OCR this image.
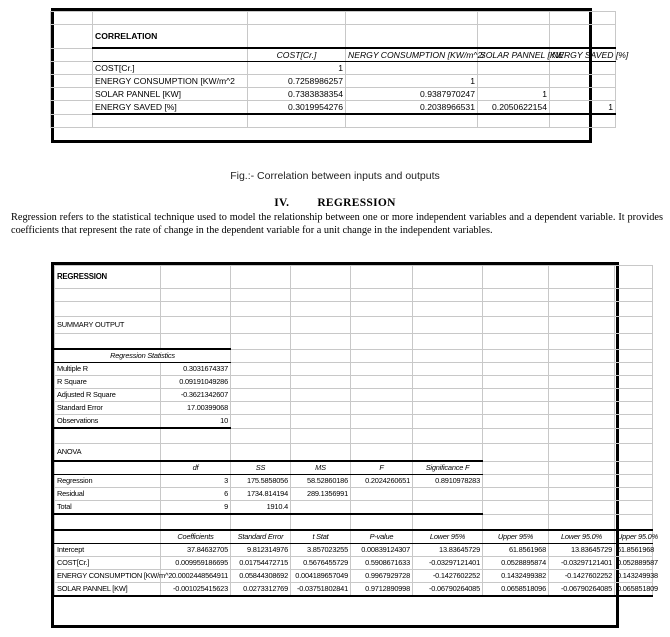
	CORRELATION				
		COST[Cr.]	NERGY CONSUMPTION [KW/m^2/	SOLAR PANNEL [KW	NERGY SAVED [%]
	COST[Cr.]	1			
	ENERGY CONSUMPTION [KW/m^2	0.7258986257	1		
	SOLAR PANNEL [KW]	0.7383838354	0.9387970247	1	
	ENERGY SAVED [%]	0.3019954276	0.2038966531	0.2050622154	1

Fig.:- Correlation between inputs and outputs
IV. REGRESSION
Regression refers to the statistical technique used to model the relationship between one or more independent variables and a dependent variable. It provides coefficients that represent the rate of change in the dependent variable for a unit change in the independent variables.
REGRESSION								

SUMMARY OUTPUT								

Regression Statistics								
Multiple R	0.3031674337							
R Square	0.09191049286							
Adjusted R Square	-0.3621342607							
Standard Error	17.00399068							
Observations	10							

ANOVA								
	df	SS	MS	F	Significance F			
Regression	3	175.5858056	58.52860186	0.2024260651	0.8910978283			
Residual	6	1734.814194	289.1356991					
Total	9	1910.4						

	Coefficients	Standard Error	t Stat	P-value	Lower 95%	Upper 95%	Lower 95.0%	Upper 95.0%
Intercept	37.84632705	9.812314976	3.857023255	0.00839124307	13.83645729	61.8561968	13.83645729	61.8561968
COST[Cr.]	0.009959186695	0.01754472715	0.5676455729	0.5908671633	-0.03297121401	0.0528895874	-0.03297121401	0.052889587
ENERGY CONSUMPTION [KW/m^2	0.0002448564911	0.05844308692	0.004189657049	0.9967929728	-0.1427602252	0.1432499382	-0.1427602252	0.143249938
SOLAR PANNEL [KW]	-0.001025415623	0.0273312769	-0.03751802841	0.9712890998	-0.06790264085	0.0658518096	-0.06790264085	0.065851809
